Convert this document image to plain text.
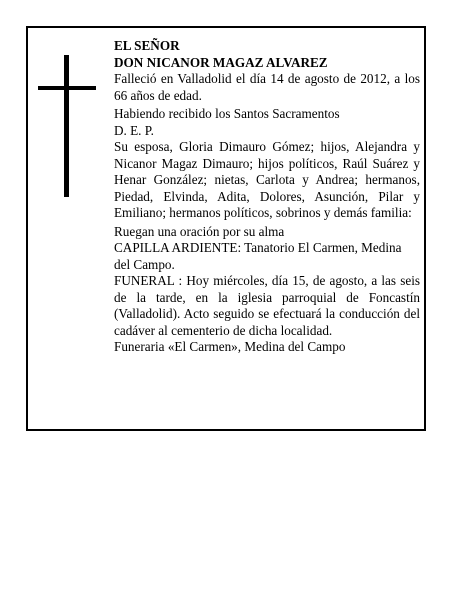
EL SEÑOR

DON NICANOR MAGAZ ALVAREZ

Falleció en Valladolid el día 14 de agosto de 2012, a los 66 años de edad.

Habiendo recibido los Santos Sacramentos

D. E. P.

Su esposa, Gloria Dimauro Gómez; hijos, Alejandra y Nicanor Magaz Dimauro; hijos políticos, Raúl Suárez y Henar González; nietas, Carlota y Andrea; hermanos, Piedad, Elvinda, Adita, Dolores, Asunción, Pilar y Emiliano; hermanos políticos, sobrinos y demás familia:

Ruegan una oración por su alma

CAPILLA ARDIENTE: Tanatorio El Carmen, Medina del Campo.

FUNERAL : Hoy miércoles, día 15, de agosto, a las seis de la tarde, en la iglesia parroquial de Foncastín (Valladolid). Acto seguido se efectuará la conducción del cadáver al cementerio de dicha localidad.

Funeraria «El Carmen», Medina del Campo
